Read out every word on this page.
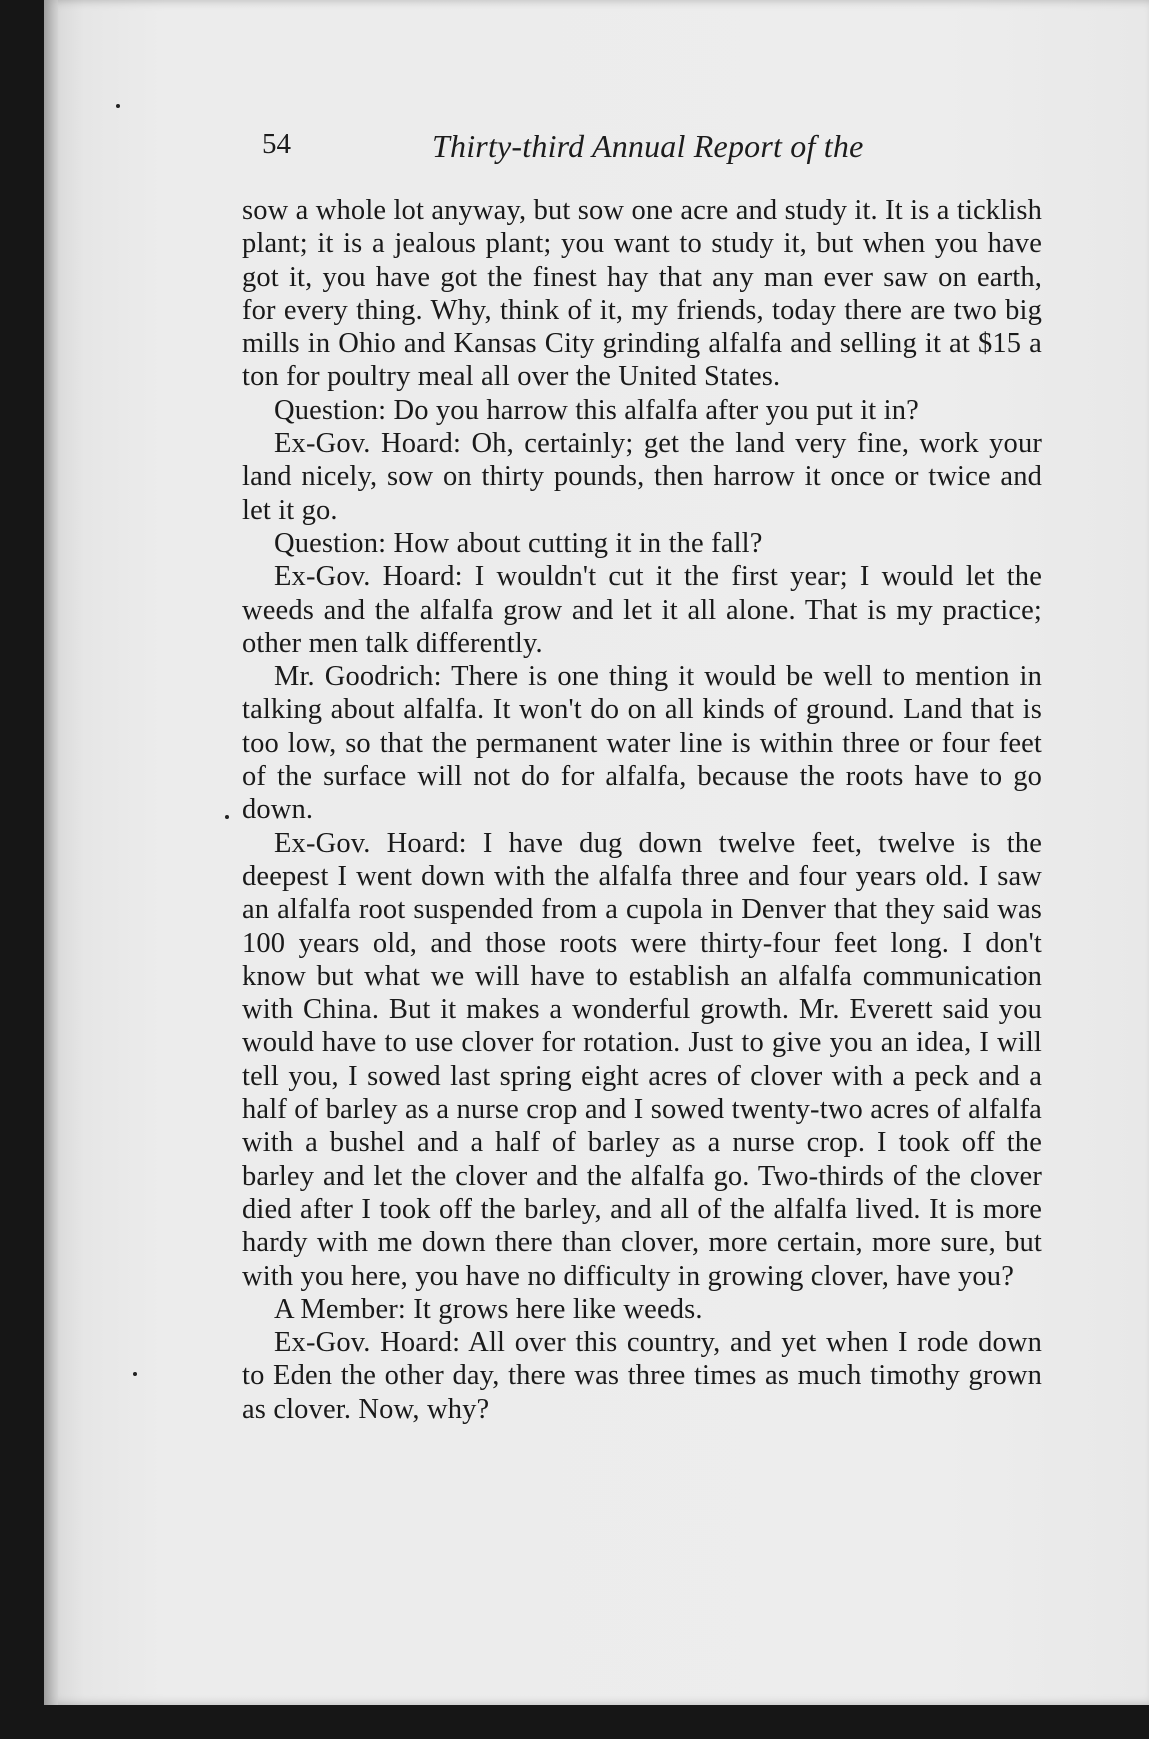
54	Thirty-third Annual Report of the

sow a whole lot anyway, but sow one acre and study it. It is a ticklish plant; it is a jealous plant; you want to study it, but when you have got it, you have got the finest hay that any man ever saw on earth, for every thing. Why, think of it, my friends, today there are two big mills in Ohio and Kansas City grinding alfalfa and selling it at $15 a ton for poultry meal all over the United States.

Question: Do you harrow this alfalfa after you put it in?

Ex-Gov. Hoard: Oh, certainly; get the land very fine, work your land nicely, sow on thirty pounds, then harrow it once or twice and let it go.

Question: How about cutting it in the fall?

Ex-Gov. Hoard: I wouldn't cut it the first year; I would let the weeds and the alfalfa grow and let it all alone. That is my practice; other men talk differently.

Mr. Goodrich: There is one thing it would be well to mention in talking about alfalfa. It won't do on all kinds of ground. Land that is too low, so that the permanent water line is within three or four feet of the surface will not do for alfalfa, because the roots have to go down.

Ex-Gov. Hoard: I have dug down twelve feet, twelve is the deepest I went down with the alfalfa three and four years old. I saw an alfalfa root suspended from a cupola in Denver that they said was 100 years old, and those roots were thirty-four feet long. I don't know but what we will have to establish an alfalfa communication with China. But it makes a wonderful growth. Mr. Everett said you would have to use clover for rotation. Just to give you an idea, I will tell you, I sowed last spring eight acres of clover with a peck and a half of barley as a nurse crop and I sowed twenty-two acres of alfalfa with a bushel and a half of barley as a nurse crop. I took off the barley and let the clover and the alfalfa go. Two-thirds of the clover died after I took off the barley, and all of the alfalfa lived. It is more hardy with me down there than clover, more certain, more sure, but with you here, you have no difficulty in growing clover, have you?

A Member: It grows here like weeds.

Ex-Gov. Hoard: All over this country, and yet when I rode down to Eden the other day, there was three times as much timothy grown as clover. Now, why?
